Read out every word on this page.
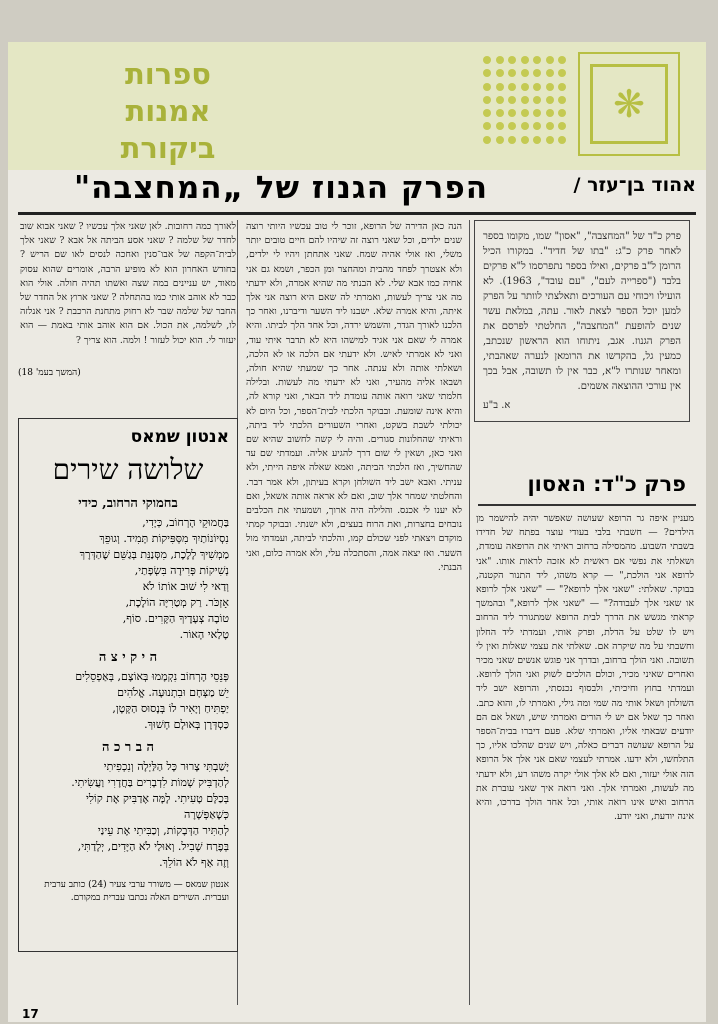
❋
ספרות
אמנות
ביקורת
אהוד בן־עזר /
הפרק הגנוז של „המחצבה"
פרק כ"ד של "המחצבה", "אסון" שמו, מקומו בספר לאחר פרק כ"ג: "בתו של חדיד". במקורו הכיל הרומן ל"ב פרקים, ואילו בספר נתפרסמו ל"א פרקים בלבד ("ספרייה לעם", "עם עובד", 1963). לא הועילו ויכוחי עם העורכים ותאלצתי לוותר על הפרק למען יוכל הספר לצאת לאור. עתה, במלאת עשר שנים להופעת "המחצבה", החלטתי לפרסם את הפרק הגנוז. אגב, ניתוחו הוא הראשון שנכתב, כמעין גל, בהקדשו את הרומאן לנערה שאהבתי, ומאחר שנותרו ל"א, כבר אין לו תשובה, אבל בכך אין עורכי ההוצאה אשמים.
א. ב"ע
פרק כ"ד: האסון
מעניין איפה גר הרופא שעושה שאפשר יהיה להישמר מן הילדים? — חשבתי בלבי בעודי עוצר בפתח של חדידו בשבתי השבוע. מהמסילה ברחוב ראיתי את הרופאה עומדת, ושאלתי את נפשי אם ראשית לא אזכה לראות אותו. "אני לרופא אני הולכת," — קרא משהו, ליד התנור הקטנה, בבוקר. שאלתי: "שאני אלך לרופא?" — "שאני אלך לרופא או שאני אלך לעבודה?" — "שאני אלך לרופא," ובהמשך קראתי מגשש את הדרך לבית הרופא שמתגורר ליד הרחוב ויש לו שלט על הדלת, ופרק אותי, ועמדתי ליד החלון וחשבתי על מה שיקרה אם. שאלתי את עצמי שאלות ואין לי תשובה. ואני הולך ברחוב, ובדרך אני פוגש אנשים שאני מכיר ואחרים שאיני מכיר, וכולם הולכים לשוק ואני הולך לרופא. ועמדתי בחוץ וחיכיתי, ולבסוף נכנסתי, והרופא ישב ליד השולחן ושאל אותי מה שמי ומה גילי, ואמרתי לו, והוא כתב. ואחר כך שאל אם יש לי הורים ואמרתי שיש, ושאל אם הם יודעים שבאתי אליו, ואמרתי שלא. פעם דיברו בבית־הספר על הרופא שעושה דברים כאלה, ויש שנים שהלכו אליו, כך התלחשו, ולא ידעו. אמרתי לעצמי שאם אני אלך אל הרופא הזה אולי יעזור, ואם לא אלך אולי יקרה משהו רע, ולא ידעתי מה לעשות, ואמרתי אלך. ואני רואה איך שאני עוברת את הרחוב ואיש אינו רואה אותי, וכל אחד הולך בדרכו, והיא אינה יודעת, ואני יודע.
הנה כאן הדירה של הרופא, זוכר לי טוב עכשיו היותי רוצה שנים ילדים, וכל שאני רוצה זה שיהיו להם חיים טובים יותר משלי, ואז אולי אהיה שמח. שאני אתחתן ויהיו לי ילדים, ולא אצטרך לפחד מהבית ומהחצר ומן הכפר, ושמא גם אני אחיה כמו אבא שלי. לא הבנתי מה שהיא אמרה, ולא ידעתי מה אני צריך לעשות, ואמרתי לה שאם היא רוצה אני אלך איתה, והיא אמרה שלא. ישבנו ליד השער ודיברנו, ואחר כך הלכנו לאורך הגדר, והשמש ירדה, וכל אחד הלך לביתו. והיא אמרה לי שאם אני אגיד למישהו היא לא תדבר איתי עוד, ואני לא אמרתי לאיש. ולא ידעתי אם הלכה או לא הלכה, ושאלתי אותה ולא ענתה. אחר כך שמעתי שהיא חולה, ושבאו אליה מהעיר, ואני לא ידעתי מה לעשות. ובלילה חלמתי שאני רואה אותה עומדת ליד הבאר, ואני קורא לה, והיא אינה שומעת. ובבוקר הלכתי לבית־הספר, וכל היום לא יכולתי לשבת בשקט, ואחרי השעורים הלכתי ליד ביתה, וראיתי שהחלונות סגורים. והיה לי קשה לחשוב שהיא שם ואני כאן, ושאין לי שום דרך להגיע אליה. ועמדתי שם עד שהחשיך, ואז הלכתי הביתה, ואמא שאלה איפה הייתי, ולא עניתי. ואבא ישב ליד השולחן וקרא בעיתון, ולא אמר דבר. והחלטתי שמחר אלך שוב, ואם לא אראה אותה אשאל, ואם לא יענו לי אכנס. והלילה היה ארוך, ושמעתי את הכלבים נובחים בחצרות, ואת הרוח בעצים, ולא ישנתי. ובבוקר קמתי מוקדם ויצאתי לפני שכולם קמו, והלכתי לביתה, ועמדתי מול השער. ואז יצאה אמה, והסתכלה עלי, ולא אמרה כלום, ואני הבנתי.
לאורך כמה רחובות. לאן שאני אלך עכשיו ? שאני אבוא שוב לחדר של שלמה ? שאני אסע הביתה אל אבא ? שאני אלך לבית־הקפה של אבו־סנין ואחכה לנסים לאו שם הריש ? בחודש האחרון הוא לא מופיע הרבה, אומרים שהוא עסוק מאוד, יש עניינים במה שצה ואשתו תהיה חולה. אולי הוא כבר לא אוהב אותי כמו בהתחלה ? שאני ארוץ אל החדר של החבר של שלמה שבר לא רחוק מתחנת הרכבת ? אני אנלזה לו, לשלמה, את הכול. אם הוא אוהב אותי באמת — הוא יעזור לי. הוא יכול לעזור ! ולמה. הוא צריך ?
(המשך בעמ' 18)
אנטון שמאס
שלושה שירים
בחמוקי הרחוב, כידי
בַּחֲמוּקֵי הָרְחוֹב, כְּיָדִי,
נִסְיוֹנוֹתַיִךְ מִסְּפִּיקוֹת תָּמִיד. וְגוּפֵךְ
מַמְשִׁיךְ לָלֶכֶת, מִסְּנַנֵּת בְּגַשֵּׁם שֶׁהַדְּרָךְ
נְשִׁיקוֹת פְּרִידָה בִּשְׂפָתַי,
וְדַאי לִי שׁוּב אוֹתוֹ לֹא
אָזְכֹּר. רַק מְטַרִיָּה הוֹלֶכֶת,
טוֹבָה צְעָדֶיךָ הַקָּרִים. סוֹף,
טָלַאי הָאוֹר.
ה י ק י צ ה
פְּנֵּסֵי הָרְחוֹב נִקְמָמוּ בְּאוֹצָם, בְּאַפְסֵלִים
יֵשׁ מַצְּחָם וּבִתְנוּעָה. אֱלֹהִים
יַפְתִּיחַ וְיָאִיר לוֹ בְּנָסוּס הַקָּטָן,
כַּסְדְּרָן בְּאוּלָם חָשׁוּךְ.
ה ב ר כ ה
יָשַׁבְתִּי צָרוּר כָּל הַלַּיְלָה וְנִכְפִיתִי
לְהַדְבִּיק שְׁמוֹת לִדְבָרִים בַּחֲדָרִי וַעֲשִׂיתִי.
בְּכַלָּם טָעִיתִי. לָמָּה אֶדַבִּיק אֶת קוֹלִי
כְּשֶׁאַפְּשָׁרָה
לְהַתִּיר הַדְּבָקוֹת, וְכַבִּיתִי אֶת עֵינַי
בְּפֶרַח שְׁבִיל. וְאוּלַי לֹא הַיָּדִים, יְלָדַתִּי,
וְזֶה אַף לֹא הוֹלֵךְ.
אנטון שמאס — משורר ערבי צעיר (24) כותב ערבית ועברית. השירים האלה נכתבו עברית במקורם.
17
